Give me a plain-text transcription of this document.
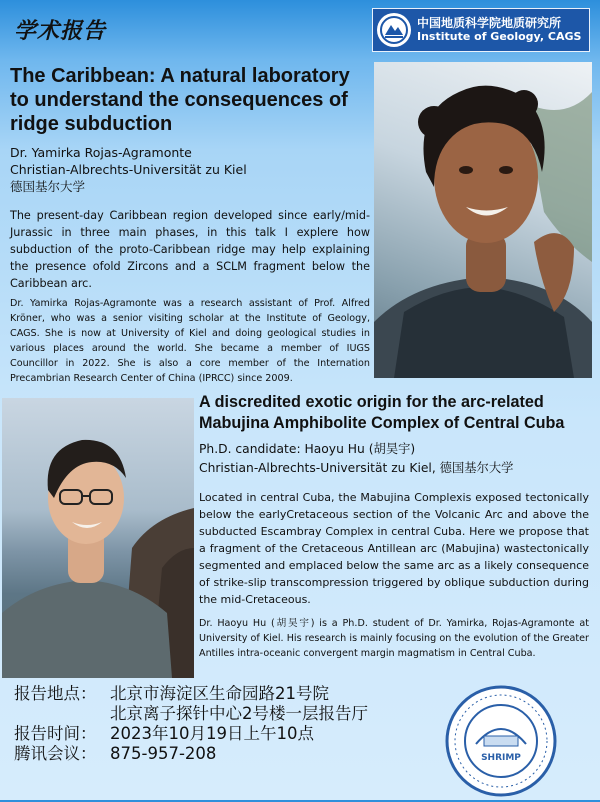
学术报告	中国地质科学院地质研究所
Institute of Geology, CAGS
The Caribbean: A natural laboratory to understand the consequences of ridge subduction
Dr. Yamirka Rojas-Agramonte
Christian-Albrechts-Universität zu Kiel
德国基尔大学
The present-day Caribbean region developed since early/mid-Jurassic in three main phases, in this talk I explere how subduction of the proto-Caribbean ridge may help explaining the presence ofold Zircons and a SCLM fragment below the Caribbean arc.
Dr. Yamirka Rojas-Agramonte was a research assistant of Prof. Alfred Kröner, who was a senior visiting scholar at the Institute of Geology, CAGS. She is now at University of Kiel and doing geological studies in various places around the world. She became a member of IUGS Councillor in 2022. She is also a core member of the Internation Precambrian Research Center of China (IPRCC) since 2009.
A discredited exotic origin for the arc-related Mabujina Amphibolite Complex of Central Cuba
Ph.D. candidate: Haoyu Hu (胡昊宇)
Christian-Albrechts-Universität zu Kiel, 德国基尔大学
Located in central Cuba, the Mabujina Complexis exposed tectonically below the earlyCretaceous section of the Volcanic Arc and above the subducted Escambray Complex in central Cuba. Here we propose that a fragment of the Cretaceous Antillean arc (Mabujina) wastectonically segmented and emplaced below the same arc as a likely consequence of strike-slip transcompression triggered by oblique subduction during the mid-Cretaceous.
Dr. Haoyu Hu (胡昊宇) is a Ph.D. student of Dr. Yamirka, Rojas-Agramonte at University of Kiel. His research is mainly focusing on the evolution of the Greater Antilles intra-oceanic convergent margin magmatism in Central Cuba.
报告地点： 北京市海淀区生命园路21号院
北京离子探针中心2号楼一层报告厅
报告时间： 2023年10月19日上午10点
腾讯会议： 875-957-208	SHRIMP
